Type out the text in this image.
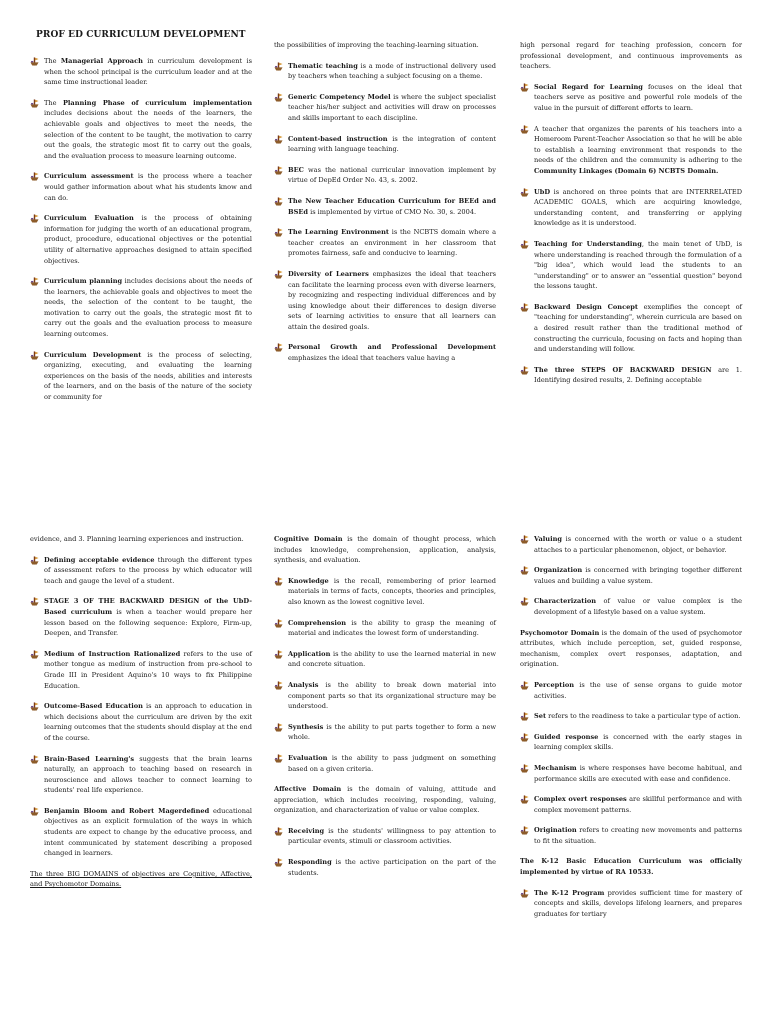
PROF ED CURRICULUM DEVELOPMENT
The Managerial Approach in curriculum development is when the school principal is the curriculum leader and at the same time instructional leader.
The Planning Phase of curriculum implementation includes decisions about the needs of the learners, the achievable goals and objectives to meet the needs, the selection of the content to be taught, the motivation to carry out the goals, the strategic most fit to carry out the goals, and the evaluation process to measure learning outcome.
Curriculum assessment is the process where a teacher would gather information about what his students know and can do.
Curriculum Evaluation is the process of obtaining information for judging the worth of an educational program, product, procedure, educational objectives or the potential utility of alternative approaches designed to attain specified objectives.
Curriculum planning includes decisions about the needs of the learners, the achievable goals and objectives to meet the needs, the selection of the content to be taught, the motivation to carry out the goals, the strategic most fit to carry out the goals and the evaluation process to measure learning outcomes.
Curriculum Development is the process of selecting, organizing, executing, and evaluating the learning experiences on the basis of the needs, abilities and interests of the learners, and on the basis of the nature of the society or community for
the possibilities of improving the teaching-learning situation.
Thematic teaching is a mode of instructional delivery used by teachers when teaching a subject focusing on a theme.
Generic Competency Model is where the subject specialist teacher his/her subject and activities will draw on processes and skills important to each discipline.
Content-based instruction is the integration of content learning with language teaching.
BEC was the national curricular innovation implement by virtue of DepEd Order No. 43, s. 2002.
The New Teacher Education Curriculum for BEEd and BSEd is implemented by virtue of CMO No. 30, s. 2004.
The Learning Environment is the NCBTS domain where a teacher creates an environment in her classroom that promotes fairness, safe and conducive to learning.
Diversity of Learners emphasizes the ideal that teachers can facilitate the learning process even with diverse learners, by recognizing and respecting individual differences and by using knowledge about their differences to design diverse sets of learning activities to ensure that all learners can attain the desired goals.
Personal Growth and Professional Development emphasizes the ideal that teachers value having a
high personal regard for teaching profession, concern for professional development, and continuous improvements as teachers.
Social Regard for Learning focuses on the ideal that teachers serve as positive and powerful role models of the value in the pursuit of different efforts to learn.
A teacher that organizes the parents of his teachers into a Homeroom Parent-Teacher Association so that he will be able to establish a learning environment that responds to the needs of the children and the community is adhering to the Community Linkages (Domain 6) NCBTS Domain.
UbD is anchored on three points that are INTERRELATED ACADEMIC GOALS, which are acquiring knowledge, understanding content, and transferring or applying knowledge as it is understood.
Teaching for Understanding, the main tenet of UbD, is where understanding is reached through the formulation of a "big idea", which would lead the students to an "understanding" or to answer an "essential question" beyond the lessons taught.
Backward Design Concept exemplifies the concept of "teaching for understanding", wherein curricula are based on a desired result rather than the traditional method of constructing the curricula, focusing on facts and hoping than and understanding will follow.
The three STEPS OF BACKWARD DESIGN are 1. Identifying desired results, 2. Defining acceptable
evidence, and 3. Planning learning experiences and instruction.
Defining acceptable evidence through the different types of assessment refers to the process by which educator will teach and gauge the level of a student.
STAGE 3 OF THE BACKWARD DESIGN of the UbD-Based curriculum is when a teacher would prepare her lesson based on the following sequence: Explore, Firm-up, Deepen, and Transfer.
Medium of Instruction Rationalized refers to the use of mother tongue as medium of instruction from pre-school to Grade III in President Aquino's 10 ways to fix Philippine Education.
Outcome-Based Education is an approach to education in which decisions about the curriculum are driven by the exit learning outcomes that the students should display at the end of the course.
Brain-Based Learning's suggests that the brain learns naturally, an approach to teaching based on research in neuroscience and allows teacher to connect learning to students' real life experience.
Benjamin Bloom and Robert Magerdefined educational objectives as an explicit formulation of the ways in which students are expect to change by the educative process, and intent communicated by statement describing a proposed changed in learners.
The three BIG DOMAINS of objectives are Cognitive, Affective, and Psychomotor Domains.
Cognitive Domain is the domain of thought process, which includes knowledge, comprehension, application, analysis, synthesis, and evaluation.
Knowledge is the recall, remembering of prior learned materials in terms of facts, concepts, theories and principles, also known as the lowest cognitive level.
Comprehension is the ability to grasp the meaning of material and indicates the lowest form of understanding.
Application is the ability to use the learned material in new and concrete situation.
Analysis is the ability to break down material into component parts so that its organizational structure may be understood.
Synthesis is the ability to put parts together to form a new whole.
Evaluation is the ability to pass judgment on something based on a given criteria.
Affective Domain is the domain of valuing, attitude and appreciation, which includes receiving, responding, valuing, organization, and characterization of value or value complex.
Receiving is the students' willingness to pay attention to particular events, stimuli or classroom activities.
Responding is the active participation on the part of the students.
Valuing is concerned with the worth or value o a student attaches to a particular phenomenon, object, or behavior.
Organization is concerned with bringing together different values and building a value system.
Characterization of value or value complex is the development of a lifestyle based on a value system.
Psychomotor Domain is the domain of the used of psychomotor attributes, which include perception, set, guided response, mechanism, complex overt responses, adaptation, and origination.
Perception is the use of sense organs to guide motor activities.
Set refers to the readiness to take a particular type of action.
Guided response is concerned with the early stages in learning complex skills.
Mechanism is where responses have become habitual, and performance skills are executed with ease and confidence.
Complex overt responses are skillful performance and with complex movement patterns.
Origination refers to creating new movements and patterns to fit the situation.
The K-12 Basic Education Curriculum was officially implemented by virtue of RA 10533.
The K-12 Program provides sufficient time for mastery of concepts and skills, develops lifelong learners, and prepares graduates for tertiary
